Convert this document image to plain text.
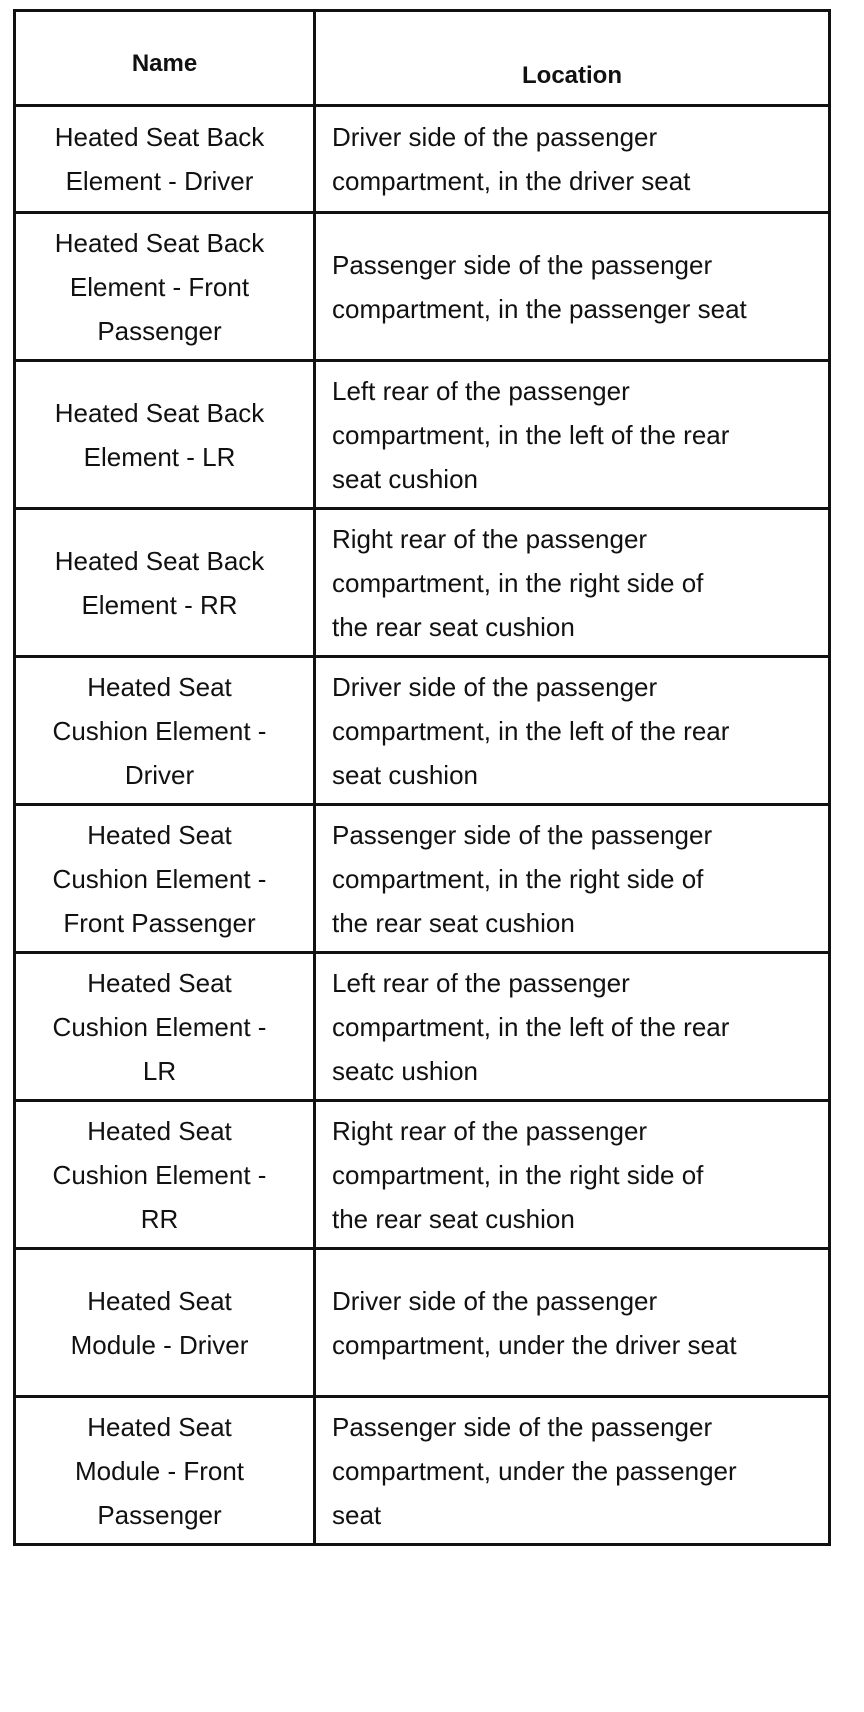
Name	Location

Heated Seat Back
Element - Driver	Driver side of the passenger
compartment, in the driver seat

Heated Seat Back
Element - Front
Passenger	Passenger side of the passenger
compartment, in the passenger seat

Heated Seat Back
Element - LR	Left rear of the passenger
compartment, in the left of the rear
seat cushion

Heated Seat Back
Element - RR	Right rear of the passenger
compartment, in the right side of
the rear seat cushion

Heated Seat
Cushion Element -
Driver	Driver side of the passenger
compartment, in the left of the rear
seat cushion

Heated Seat
Cushion Element -
Front Passenger	Passenger side of the passenger
compartment, in the right side of
the rear seat cushion

Heated Seat
Cushion Element -
LR	Left rear of the passenger
compartment, in the left of the rear
seatc ushion

Heated Seat
Cushion Element -
RR	Right rear of the passenger
compartment, in the right side of
the rear seat cushion

Heated Seat
Module - Driver	Driver side of the passenger
compartment, under the driver seat

Heated Seat
Module - Front
Passenger	Passenger side of the passenger
compartment, under the passenger
seat
